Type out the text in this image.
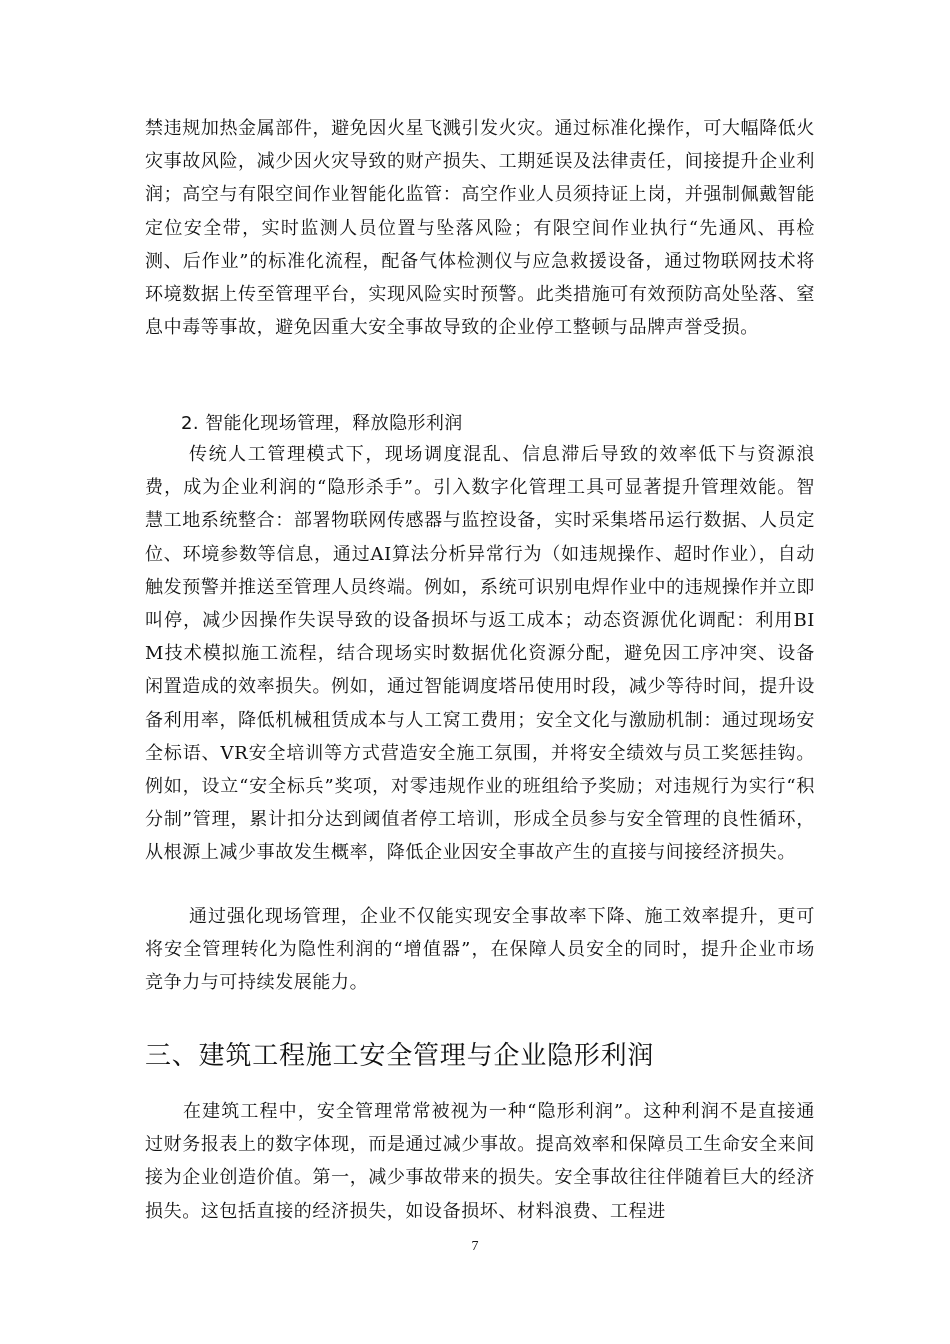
禁违规加热金属部件，避免因火星飞溅引发火灾。通过标准化操作，可大幅降低火灾事故风险，减少因火灾导致的财产损失、工期延误及法律责任，间接提升企业利润；高空与有限空间作业智能化监管：高空作业人员须持证上岗，并强制佩戴智能定位安全带，实时监测人员位置与坠落风险；有限空间作业执行“先通风、再检测、后作业”的标准化流程，配备气体检测仪与应急救援设备，通过物联网技术将环境数据上传至管理平台，实现风险实时预警。此类措施可有效预防高处坠落、窒息中毒等事故，避免因重大安全事故导致的企业停工整顿与品牌声誉受损。

2. 智能化现场管理，释放隐形利润

传统人工管理模式下，现场调度混乱、信息滞后导致的效率低下与资源浪费，成为企业利润的“隐形杀手”。引入数字化管理工具可显著提升管理效能。智慧工地系统整合：部署物联网传感器与监控设备，实时采集塔吊运行数据、人员定位、环境参数等信息，通过AI算法分析异常行为（如违规操作、超时作业），自动触发预警并推送至管理人员终端。例如，系统可识别电焊作业中的违规操作并立即叫停，减少因操作失误导致的设备损坏与返工成本；动态资源优化调配：利用BIM技术模拟施工流程，结合现场实时数据优化资源分配，避免因工序冲突、设备闲置造成的效率损失。例如，通过智能调度塔吊使用时段，减少等待时间，提升设备利用率，降低机械租赁成本与人工窝工费用；安全文化与激励机制：通过现场安全标语、VR安全培训等方式营造安全施工氛围，并将安全绩效与员工奖惩挂钩。例如，设立“安全标兵”奖项，对零违规作业的班组给予奖励；对违规行为实行“积分制”管理，累计扣分达到阈值者停工培训，形成全员参与安全管理的良性循环，从根源上减少事故发生概率，降低企业因安全事故产生的直接与间接经济损失。

通过强化现场管理，企业不仅能实现安全事故率下降、施工效率提升，更可将安全管理转化为隐性利润的“增值器”，在保障人员安全的同时，提升企业市场竞争力与可持续发展能力。

三、建筑工程施工安全管理与企业隐形利润

在建筑工程中，安全管理常常被视为一种“隐形利润”。这种利润不是直接通过财务报表上的数字体现，而是通过减少事故。提高效率和保障员工生命安全来间接为企业创造价值。第一，减少事故带来的损失。安全事故往往伴随着巨大的经济损失。这包括直接的经济损失，如设备损坏、材料浪费、工程进

7
